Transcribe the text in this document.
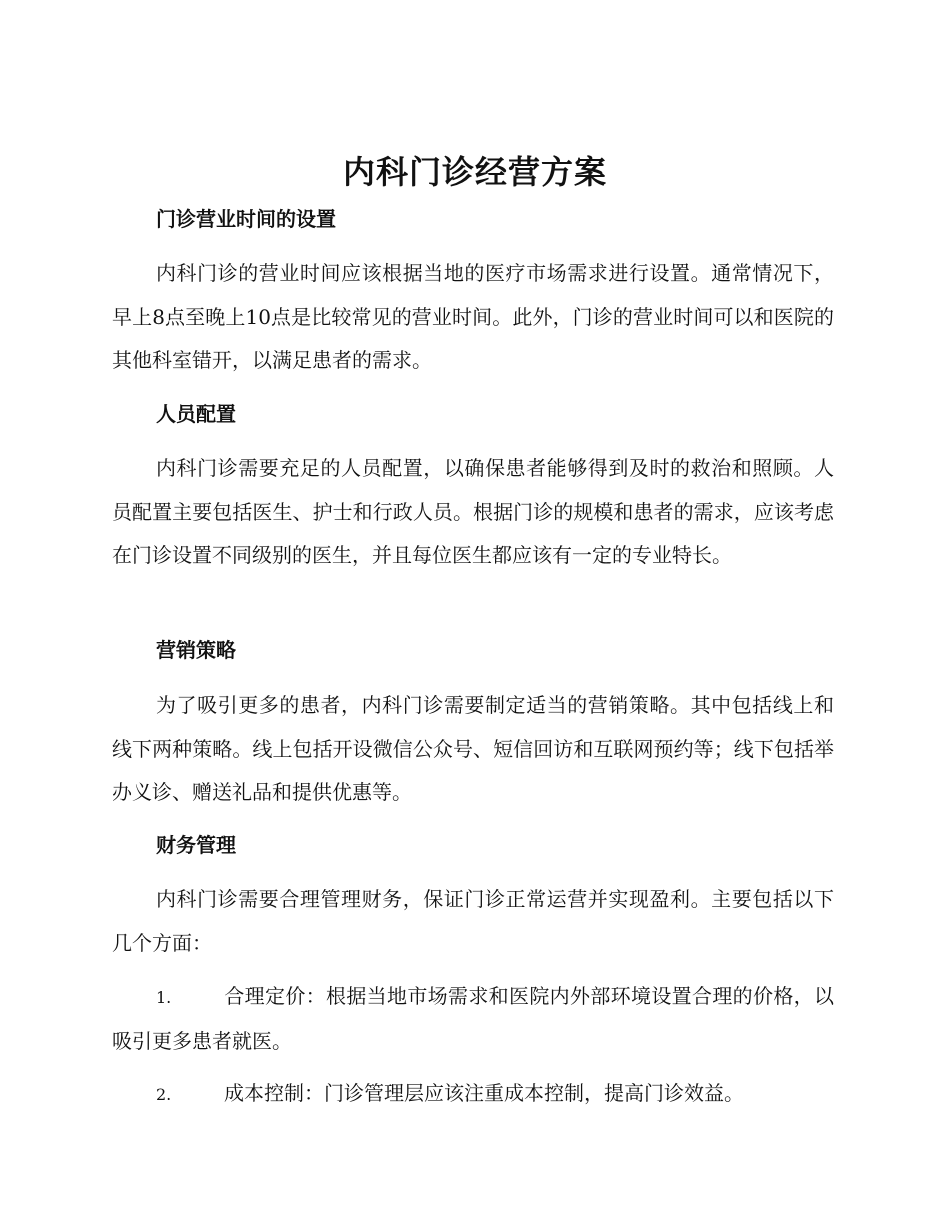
内科门诊经营方案
门诊营业时间的设置

内科门诊的营业时间应该根据当地的医疗市场需求进行设置。通常情况下，早上8点至晚上10点是比较常见的营业时间。此外，门诊的营业时间可以和医院的其他科室错开，以满足患者的需求。

人员配置

内科门诊需要充足的人员配置，以确保患者能够得到及时的救治和照顾。人员配置主要包括医生、护士和行政人员。根据门诊的规模和患者的需求，应该考虑在门诊设置不同级别的医生，并且每位医生都应该有一定的专业特长。

营销策略

为了吸引更多的患者，内科门诊需要制定适当的营销策略。其中包括线上和线下两种策略。线上包括开设微信公众号、短信回访和互联网预约等；线下包括举办义诊、赠送礼品和提供优惠等。

财务管理

内科门诊需要合理管理财务，保证门诊正常运营并实现盈利。主要包括以下几个方面：

1.	合理定价：根据当地市场需求和医院内外部环境设置合理的价格，以吸引更多患者就医。

2.	成本控制：门诊管理层应该注重成本控制，提高门诊效益。
